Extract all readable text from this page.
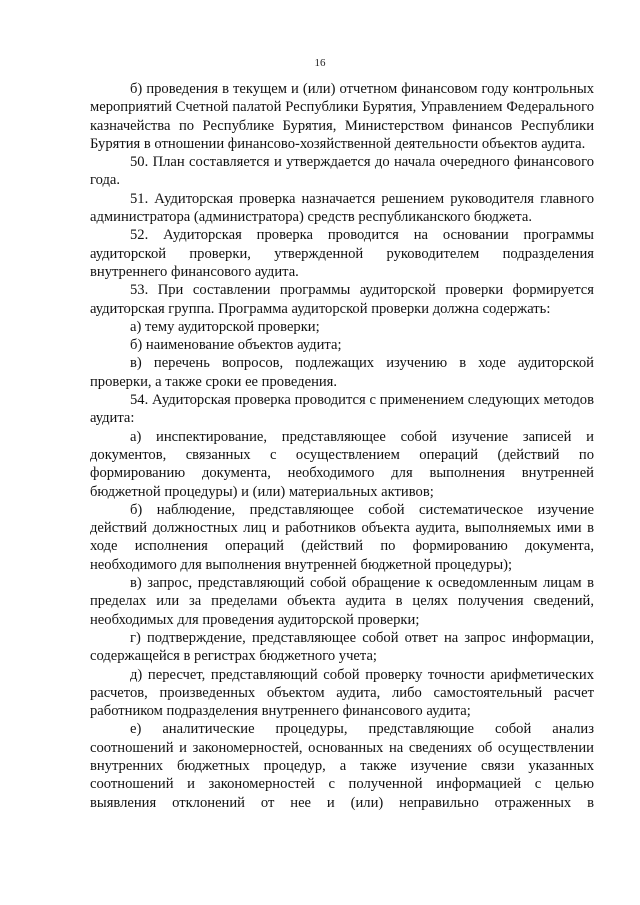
16

б) проведения в текущем и (или) отчетном финансовом году контрольных мероприятий Счетной палатой Республики Бурятия, Управлением Федерального казначейства по Республике Бурятия, Министерством финансов Республики Бурятия в отношении финансово-хозяйственной деятельности объектов аудита.

50. План составляется и утверждается до начала очередного финансового года.

51. Аудиторская проверка назначается решением руководителя главного администратора (администратора) средств республиканского бюджета.

52. Аудиторская проверка проводится на основании программы аудиторской проверки, утвержденной руководителем подразделения внутреннего финансового аудита.

53. При составлении программы аудиторской проверки формируется аудиторская группа. Программа аудиторской проверки должна содержать:

а) тему аудиторской проверки;

б) наименование объектов аудита;

в) перечень вопросов, подлежащих изучению в ходе аудиторской проверки, а также сроки ее проведения.

54. Аудиторская проверка проводится с применением следующих методов аудита:

а) инспектирование, представляющее собой изучение записей и документов, связанных с осуществлением операций (действий по формированию документа, необходимого для выполнения внутренней бюджетной процедуры) и (или) материальных активов;

б) наблюдение, представляющее собой систематическое изучение действий должностных лиц и работников объекта аудита, выполняемых ими в ходе исполнения операций (действий по формированию документа, необходимого для выполнения внутренней бюджетной процедуры);

в) запрос, представляющий собой обращение к осведомленным лицам в пределах или за пределами объекта аудита в целях получения сведений, необходимых для проведения аудиторской проверки;

г) подтверждение, представляющее собой ответ на запрос информации, содержащейся в регистрах бюджетного учета;

д) пересчет, представляющий собой проверку точности арифметических расчетов, произведенных объектом аудита, либо самостоятельный расчет работником подразделения внутреннего финансового аудита;

е) аналитические процедуры, представляющие собой анализ соотношений и закономерностей, основанных на сведениях об осуществлении внутренних бюджетных процедур, а также изучение связи указанных соотношений и закономерностей с полученной информацией с целью выявления отклонений от нее и (или) неправильно отраженных в
